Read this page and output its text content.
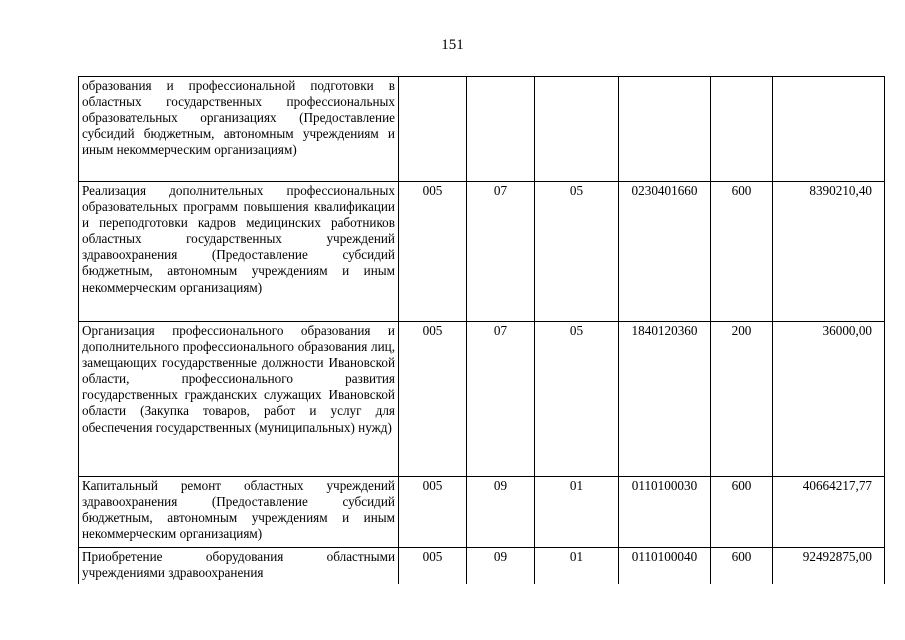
151
образования и профессиональной подготовки в областных государственных профессиональных образовательных организациях (Предоставление субсидий бюджетным, автономным учреждениям и иным некоммерческим организациям)						

Реализация дополнительных профессиональных образовательных программ повышения квалификации и переподготовки кадров медицинских работников областных государственных учреждений здравоохранения (Предоставление субсидий бюджетным, автономным учреждениям и иным некоммерческим организациям)	005	07	05	0230401660	600	8390210,40

Организация профессионального образования и дополнительного профессионального образования лиц, замещающих государственные должности Ивановской области, профессионального развития государственных гражданских служащих Ивановской области (Закупка товаров, работ и услуг для обеспечения государственных (муниципальных) нужд)	005	07	05	1840120360	200	36000,00

Капитальный ремонт областных учреждений здравоохранения (Предоставление субсидий бюджетным, автономным учреждениям и иным некоммерческим организациям)	005	09	01	0110100030	600	40664217,77

Приобретение оборудования областными учреждениями здравоохранения	005	09	01	0110100040	600	92492875,00
